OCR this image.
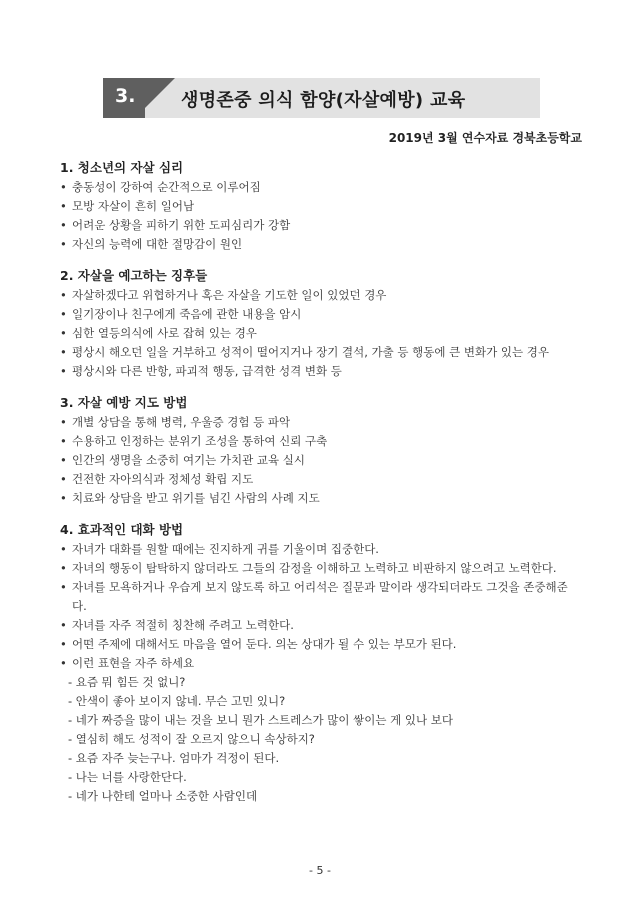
3.	생명존중 의식 함양(자살예방) 교육
2019년 3월 연수자료 경북초등학교
1. 청소년의 자살 심리
• 충동성이 강하여 순간적으로 이루어짐
• 모방 자살이 흔히 일어남
• 어려운 상황을 피하기 위한 도피심리가 강함
• 자신의 능력에 대한 절망감이 원인
2. 자살을 예고하는 징후들
• 자살하겠다고 위협하거나 혹은 자살을 기도한 일이 있었던 경우
• 일기장이나 친구에게 죽음에 관한 내용을 암시
• 심한 열등의식에 사로 잡혀 있는 경우
• 평상시 해오던 일을 거부하고 성적이 떨어지거나 장기 결석, 가출 등 행동에 큰 변화가 있는 경우
• 평상시와 다른 반항, 파괴적 행동, 급격한 성격 변화 등
3. 자살 예방 지도 방법
• 개별 상담을 통해 병력, 우울증 경험 등 파악
• 수용하고 인정하는 분위기 조성을 통하여 신뢰 구축
• 인간의 생명을 소중히 여기는 가치관 교육 실시
• 건전한 자아의식과 정체성 확립 지도
• 치료와 상담을 받고 위기를 넘긴 사람의 사례 지도
4. 효과적인 대화 방법
• 자녀가 대화를 원할 때에는 진지하게 귀를 기울이며 집중한다.
• 자녀의 행동이 탐탁하지 않더라도 그들의 감정을 이해하고 노력하고 비판하지 않으려고 노력한다.
• 자녀를 모욕하거나 우습게 보지 않도록 하고 어리석은 질문과 말이라 생각되더라도 그것을 존중해준다.
• 자녀를 자주 적절히 칭찬해 주려고 노력한다.
• 어떤 주제에 대해서도 마음을 열어 둔다. 의논 상대가 될 수 있는 부모가 된다.
• 이런 표현을 자주 하세요
- 요즘 뭐 힘든 것 없니?
- 안색이 좋아 보이지 않네. 무슨 고민 있니?
- 네가 짜증을 많이 내는 것을 보니 뭔가 스트레스가 많이 쌓이는 게 있나 보다
- 열심히 해도 성적이 잘 오르지 않으니 속상하지?
- 요즘 자주 늦는구나. 엄마가 걱정이 된다.
- 나는 너를 사랑한단다.
- 네가 나한테 얼마나 소중한 사람인데
- 5 -
